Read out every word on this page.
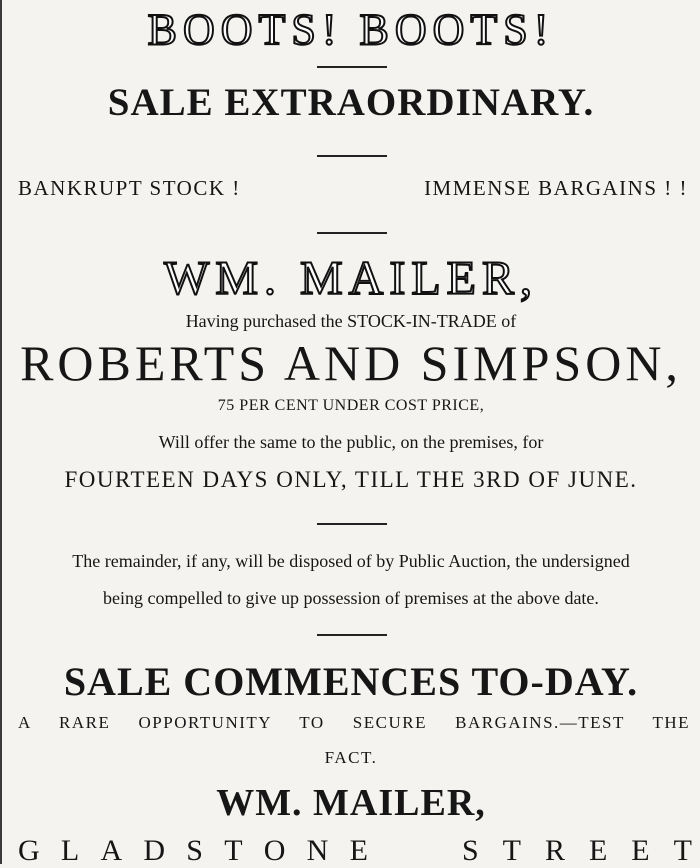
BOOTS! BOOTS!
SALE EXTRAORDINARY.
BANKRUPT STOCK !	IMMENSE BARGAINS ! !
WM. MAILER,
Having purchased the STOCK-IN-TRADE of
ROBERTS AND SIMPSON,
75 PER CENT UNDER COST PRICE,
Will offer the same to the public, on the premises, for
FOURTEEN DAYS ONLY, TILL THE 3RD OF JUNE.
The remainder, if any, will be disposed of by Public Auction, the undersigned
being compelled to give up possession of premises at the above date.
SALE COMMENCES TO-DAY.
A RARE OPPORTUNITY TO SECURE BARGAINS.—TEST THE
FACT.
WM. MAILER,
G L A D S T O N E	S T R E E T
